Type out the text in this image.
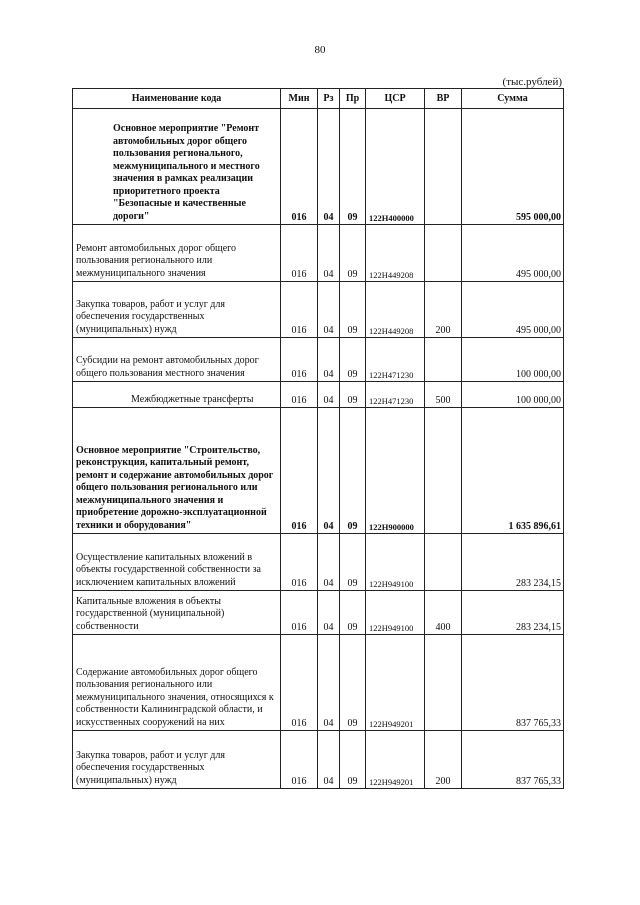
80
(тыс.рублей)
Наименование кода	Мин	Рз	Пр	ЦСР	ВР	Сумма
Основное мероприятие "Ремонт автомобильных дорог общего пользования регионального, межмуниципального и местного значения в рамках реализации приоритетного проекта "Безопасные и качественные дороги"	016	04	09	122Н400000		595 000,00
Ремонт автомобильных дорог общего пользования регионального или межмуниципального значения	016	04	09	122Н449208		495 000,00
Закупка товаров, работ и услуг для обеспечения государственных (муниципальных) нужд	016	04	09	122Н449208	200	495 000,00
Субсидии на ремонт автомобильных дорог общего пользования местного значения	016	04	09	122Н471230		100 000,00
Межбюджетные трансферты	016	04	09	122Н471230	500	100 000,00
Основное мероприятие "Строительство, реконструкция, капитальный ремонт, ремонт и содержание автомобильных дорог общего пользования регионального или межмуниципального значения и приобретение дорожно-эксплуатационной техники и оборудования"	016	04	09	122Н900000		1 635 896,61
Осуществление капитальных вложений в объекты государственной собственности за исключением капитальных вложений	016	04	09	122Н949100		283 234,15
Капитальные вложения в объекты государственной (муниципальной) собственности	016	04	09	122Н949100	400	283 234,15
Содержание автомобильных дорог общего пользования регионального или межмуниципального значения, относящихся к собственности Калининградской области, и искусственных сооружений на них	016	04	09	122Н949201		837 765,33
Закупка товаров, работ и услуг для обеспечения государственных (муниципальных) нужд	016	04	09	122Н949201	200	837 765,33
